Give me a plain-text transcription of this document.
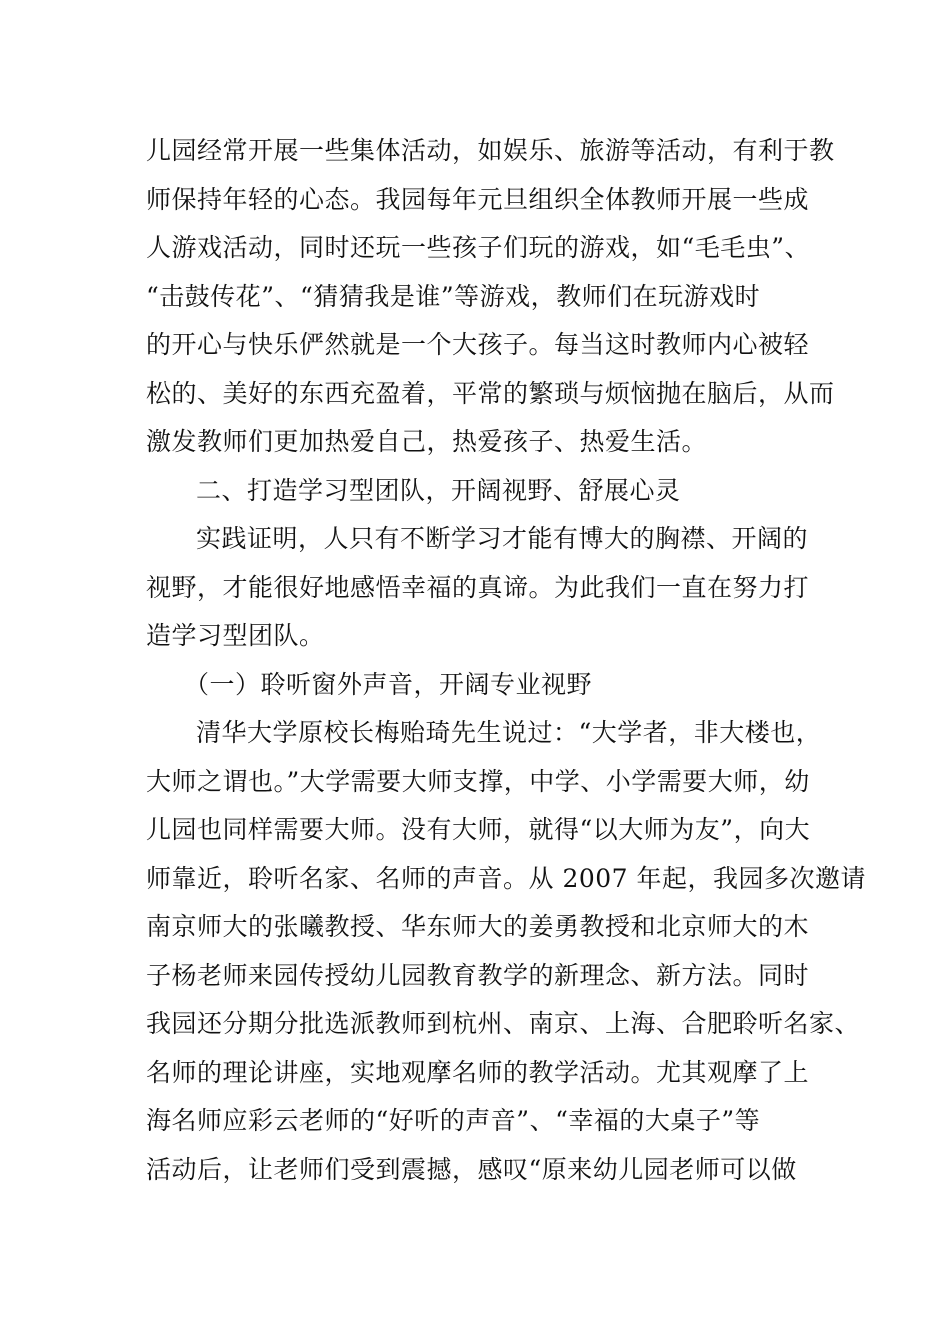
儿园经常开展一些集体活动，如娱乐、旅游等活动，有利于教
师保持年轻的心态。我园每年元旦组织全体教师开展一些成
人游戏活动，同时还玩一些孩子们玩的游戏，如“毛毛虫”、
“击鼓传花”、“猜猜我是谁”等游戏，教师们在玩游戏时
的开心与快乐俨然就是一个大孩子。每当这时教师内心被轻
松的、美好的东西充盈着，平常的繁琐与烦恼抛在脑后，从而
激发教师们更加热爱自己，热爱孩子、热爱生活。
二、打造学习型团队，开阔视野、舒展心灵
实践证明，人只有不断学习才能有博大的胸襟、开阔的
视野，才能很好地感悟幸福的真谛。为此我们一直在努力打
造学习型团队。
（一）聆听窗外声音，开阔专业视野
清华大学原校长梅贻琦先生说过：“大学者，非大楼也，
大师之谓也。”大学需要大师支撑，中学、小学需要大师，幼
儿园也同样需要大师。没有大师，就得“以大师为友”，向大
师靠近，聆听名家、名师的声音。从 2007 年起，我园多次邀请
南京师大的张曦教授、华东师大的姜勇教授和北京师大的木
子杨老师来园传授幼儿园教育教学的新理念、新方法。同时
我园还分期分批选派教师到杭州、南京、上海、合肥聆听名家、
名师的理论讲座，实地观摩名师的教学活动。尤其观摩了上
海名师应彩云老师的“好听的声音”、“幸福的大桌子”等
活动后，让老师们受到震撼，感叹“原来幼儿园老师可以做
